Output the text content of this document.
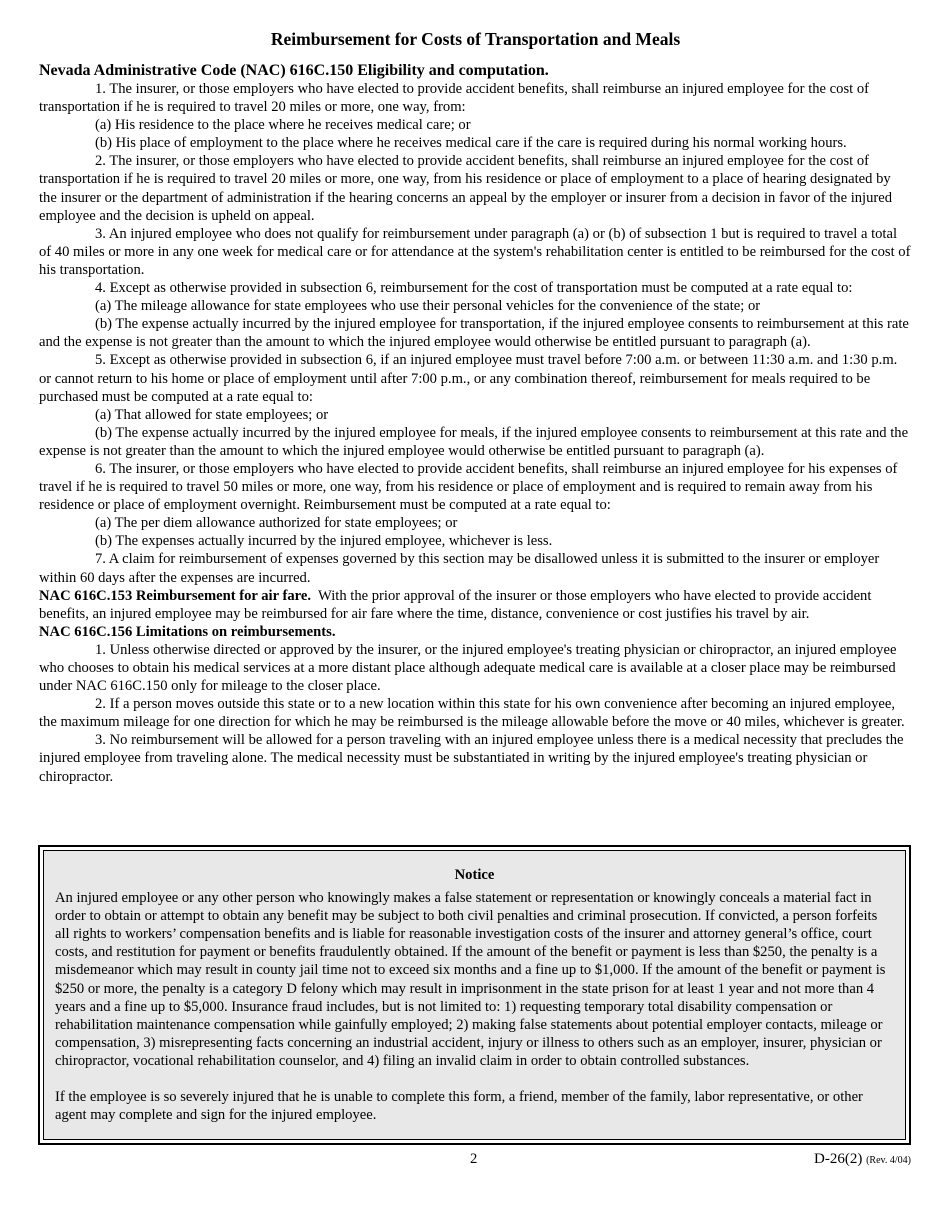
Reimbursement for Costs of Transportation and Meals

Nevada Administrative Code (NAC) 616C.150 Eligibility and computation.

1. The insurer, or those employers who have elected to provide accident benefits, shall reimburse an injured employee for the cost of transportation if he is required to travel 20 miles or more, one way, from:

(a) His residence to the place where he receives medical care; or

(b) His place of employment to the place where he receives medical care if the care is required during his normal working hours.

2. The insurer, or those employers who have elected to provide accident benefits, shall reimburse an injured employee for the cost of transportation if he is required to travel 20 miles or more, one way, from his residence or place of employment to a place of hearing designated by the insurer or the department of administration if the hearing concerns an appeal by the employer or insurer from a decision in favor of the injured employee and the decision is upheld on appeal.

3. An injured employee who does not qualify for reimbursement under paragraph (a) or (b) of subsection 1 but is required to travel a total of 40 miles or more in any one week for medical care or for attendance at the system's rehabilitation center is entitled to be reimbursed for the cost of his transportation.

4. Except as otherwise provided in subsection 6, reimbursement for the cost of transportation must be computed at a rate equal to:

(a) The mileage allowance for state employees who use their personal vehicles for the convenience of the state; or

(b) The expense actually incurred by the injured employee for transportation, if the injured employee consents to reimbursement at this rate and the expense is not greater than the amount to which the injured employee would otherwise be entitled pursuant to paragraph (a).

5. Except as otherwise provided in subsection 6, if an injured employee must travel before 7:00 a.m. or between 11:30 a.m. and 1:30 p.m. or cannot return to his home or place of employment until after 7:00 p.m., or any combination thereof, reimbursement for meals required to be purchased must be computed at a rate equal to:

(a) That allowed for state employees; or

(b) The expense actually incurred by the injured employee for meals, if the injured employee consents to reimbursement at this rate and the expense is not greater than the amount to which the injured employee would otherwise be entitled pursuant to paragraph (a).

6. The insurer, or those employers who have elected to provide accident benefits, shall reimburse an injured employee for his expenses of travel if he is required to travel 50 miles or more, one way, from his residence or place of employment and is required to remain away from his residence or place of employment overnight. Reimbursement must be computed at a rate equal to:

(a) The per diem allowance authorized for state employees; or

(b) The expenses actually incurred by the injured employee, whichever is less.

7. A claim for reimbursement of expenses governed by this section may be disallowed unless it is submitted to the insurer or employer within 60 days after the expenses are incurred.

NAC 616C.153 Reimbursement for air fare. With the prior approval of the insurer or those employers who have elected to provide accident benefits, an injured employee may be reimbursed for air fare where the time, distance, convenience or cost justifies his travel by air.

NAC 616C.156 Limitations on reimbursements.

1. Unless otherwise directed or approved by the insurer, or the injured employee's treating physician or chiropractor, an injured employee who chooses to obtain his medical services at a more distant place although adequate medical care is available at a closer place may be reimbursed under NAC 616C.150 only for mileage to the closer place.

2. If a person moves outside this state or to a new location within this state for his own convenience after becoming an injured employee, the maximum mileage for one direction for which he may be reimbursed is the mileage allowable before the move or 40 miles, whichever is greater.

3. No reimbursement will be allowed for a person traveling with an injured employee unless there is a medical necessity that precludes the injured employee from traveling alone. The medical necessity must be substantiated in writing by the injured employee's treating physician or chiropractor.

Notice

An injured employee or any other person who knowingly makes a false statement or representation or knowingly conceals a material fact in order to obtain or attempt to obtain any benefit may be subject to both civil penalties and criminal prosecution. If convicted, a person forfeits all rights to workers’ compensation benefits and is liable for reasonable investigation costs of the insurer and attorney general’s office, court costs, and restitution for payment or benefits fraudulently obtained. If the amount of the benefit or payment is less than $250, the penalty is a misdemeanor which may result in county jail time not to exceed six months and a fine up to $1,000. If the amount of the benefit or payment is $250 or more, the penalty is a category D felony which may result in imprisonment in the state prison for at least 1 year and not more than 4 years and a fine up to $5,000. Insurance fraud includes, but is not limited to: 1) requesting temporary total disability compensation or rehabilitation maintenance compensation while gainfully employed; 2) making false statements about potential employer contacts, mileage or compensation, 3) misrepresenting facts concerning an industrial accident, injury or illness to others such as an employer, insurer, physician or chiropractor, vocational rehabilitation counselor, and 4) filing an invalid claim in order to obtain controlled substances.

If the employee is so severely injured that he is unable to complete this form, a friend, member of the family, labor representative, or other agent may complete and sign for the injured employee.

2	D-26(2) (Rev. 4/04)
